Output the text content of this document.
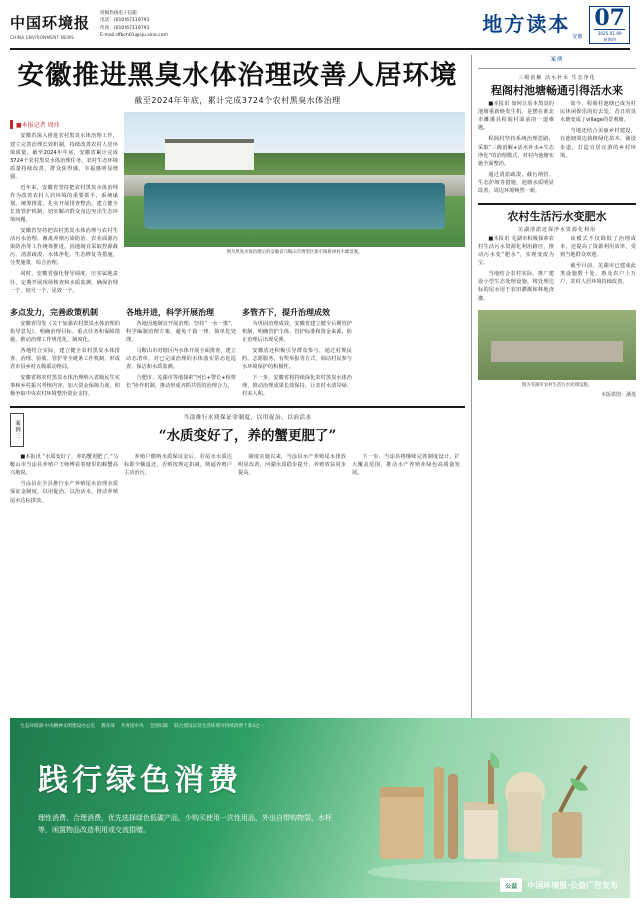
中国环境报
CHINA ENVIRONMENT NEWS
投稿热线电子信箱
电话：(010)67119791
传真：(010)67119791
E-mail:dfbch01@sju.sina.com	地方读本
安徽
07
2025.01.09
星期四
安徽推进黑臭水体治理改善人居环境
截至2024年年底，累计完成3724个农村黑臭水体治理
■本报记者 周玮

安徽省深入推进农村黑臭水体治理工作，建立完善治理长效机制，持续改善农村人居环境质量。截至2024年年底，安徽省累计完成3724个农村黑臭水体治理任务，农村生态环境质量持续改善，群众获得感、幸福感明显增强。

近年来，安徽省坚持把农村黑臭水体治理作为改善农村人居环境的重要抓手，系统谋划、统筹推进，扎实开展排查整治，建立健全长效管护机制，切实解决群众身边突出生态环境问题。

安徽省坚持把农村黑臭水体治理与农村生活污水治理、畜禽养殖污染防治、农业面源污染防治等工作统筹推进，因地制宜采取控源截污、清淤疏浚、水体净化、生态修复等措施，分类施策、综合治理。

同时，安徽省强化督导调度，压实属地责任，定期开展现场核查和水质监测，确保治理一个、销号一个、见效一个。

图为黑臭水体治理后的安徽省马鞍山市博望区新市镇新禄村水塘景观。
多点发力，完善政策机制

安徽省印发《关于加强农村黑臭水体治理的指导意见》，明确治理目标、重点任务和保障措施，推动治理工作规范化、制度化。

各地结合实际，建立健全农村黑臭水体排查、治理、验收、管护等全链条工作机制，形成省市县乡村五级联动格局。

安徽省将农村黑臭水体治理纳入省级民生实事和乡村振兴考核内容，加大资金保障力度，积极争取中央农村环境整治资金支持。

各地并进，科学开展治理

各地因地制宜开展治理，坚持“一水一策”，科学编制治理方案，避免千篇一律、简单化处理。

马鞍山市对辖区内水体开展全面排查，建立动态清单，对已完成治理的水体落实常态化巡查、保洁和水质监测。

合肥市、芜湖市等地探索“河长+警长+检察长”协作机制，推动形成齐抓共管的治理合力。

多管齐下，提升治理成效

为巩固治理成效，安徽省建立健全后期管护机制，明确管护主体、管护标准和资金来源，防止治理后出现反弹。

安徽省还积极引导群众参与，通过村规民约、志愿服务、有奖举报等方式，调动村民参与水环境保护的积极性。

下一步，安徽省将持续深化农村黑臭水体治理，推动治理成果长效保持，让农村水清岸绿、村美人和。

案例三
当涂推行水质保证金制度，以用促治、以治活水
“水质变好了，养的蟹更肥了”

■本报讯 “水质变好了，养的蟹更肥了。”马鞍山市当涂县养殖户王师傅看着塘里的螃蟹高兴地说。

当涂县在全县推行水产养殖尾水治理水质保证金制度，以用促治、以治活水，推动养殖尾水达标排放。

养殖户缴纳水质保证金后，若尾水水质达标即全额退还，否则按规定扣减，倒逼养殖户主动治污。

制度实施以来，当涂县水产养殖尾水排放明显改善，河湖水质稳步提升，养殖效益同步提高。

下一步，当涂县将继续完善制度设计，扩大覆盖范围，推动水产养殖业绿色高质量发展。

案例
三级消解 活水补水 生态净化
程阁村池塘畅通引得活水来

■本报讯 如何让原本黑臭的池塘重新焕发生机，是摆在淮北市濉溪县程阁村面前的一道难题。

程阁村坚持系统治理思路，采取“三级消解+活水补水+生态净化”的治理模式，对村内池塘实施全面整治。

通过清淤疏浚、截污纳管、生态护坡等措施，池塘水质明显改善，周边环境焕然一新。

如今，程阁村池塘已成为村民休闲娱乐的好去处，昔日的臭水塘变成了village的景观塘。

当地还结合美丽乡村建设，在池塘周边栽植绿化苗木、铺设步道，打造宜居宜游的乡村环境。

农村生活污水变肥水
芜湖清淤还探净水资源化利用

■本报讯 芜湖市积极探索农村生活污水资源化利用路径，推动污水变“肥水”，实现变废为宝。

当地结合农村实际，推广建设小型生态处理设施，将处理达标的尾水用于农田灌溉和林地浇灌。

该模式不仅降低了治理成本，还提高了资源利用效率，受到当地群众欢迎。

截至目前，芜湖市已建成此类设施数十处，惠及农户上万户，农村人居环境持续改善。

图为芜湖市农村生活污水处理设施。
本版供图：潘曼
生态环境部·中央精神文明建设办公室 教育部 共青团中央 全国妇联 联合建设以及生活环境可持续消费十条3之一
践行绿色消费
理性消费、合理消费，优先选择绿色低碳产品，少购买使用一次性用品，外出自带购物袋、水杯等，闲置物品改造利用或交流捐赠。
公益	中国环境报·公益广告发布
